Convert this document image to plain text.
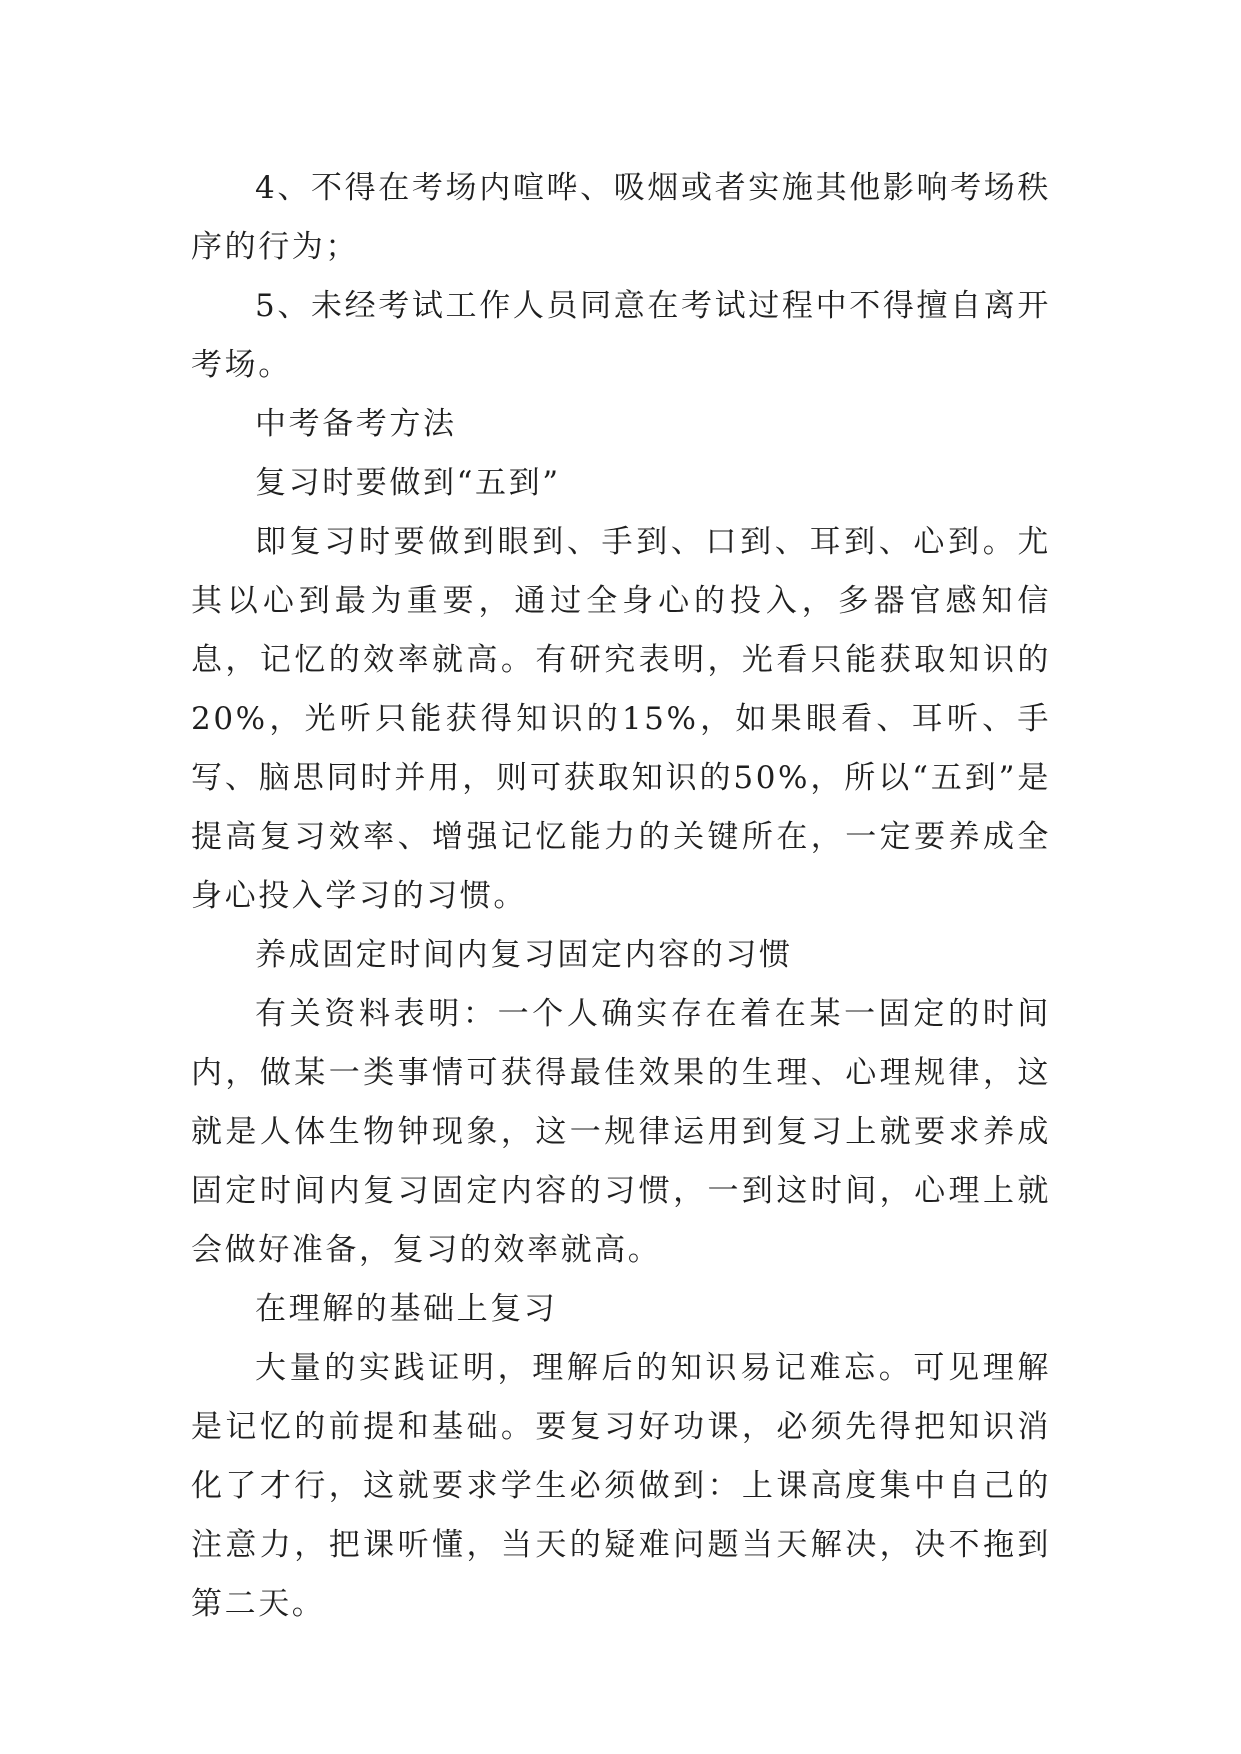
4、不得在考场内喧哗、吸烟或者实施其他影响考场秩序的行为；

5、未经考试工作人员同意在考试过程中不得擅自离开考场。

中考备考方法

复习时要做到“五到”

即复习时要做到眼到、手到、口到、耳到、心到。尤其以心到最为重要，通过全身心的投入，多器官感知信息，记忆的效率就高。有研究表明，光看只能获取知识的20%，光听只能获得知识的15%，如果眼看、耳听、手写、脑思同时并用，则可获取知识的50%，所以“五到”是提高复习效率、增强记忆能力的关键所在，一定要养成全身心投入学习的习惯。

养成固定时间内复习固定内容的习惯

有关资料表明：一个人确实存在着在某一固定的时间内，做某一类事情可获得最佳效果的生理、心理规律，这就是人体生物钟现象，这一规律运用到复习上就要求养成固定时间内复习固定内容的习惯，一到这时间，心理上就会做好准备，复习的效率就高。

在理解的基础上复习

大量的实践证明，理解后的知识易记难忘。可见理解是记忆的前提和基础。要复习好功课，必须先得把知识消化了才行，这就要求学生必须做到：上课高度集中自己的注意力，把课听懂，当天的疑难问题当天解决，决不拖到第二天。
